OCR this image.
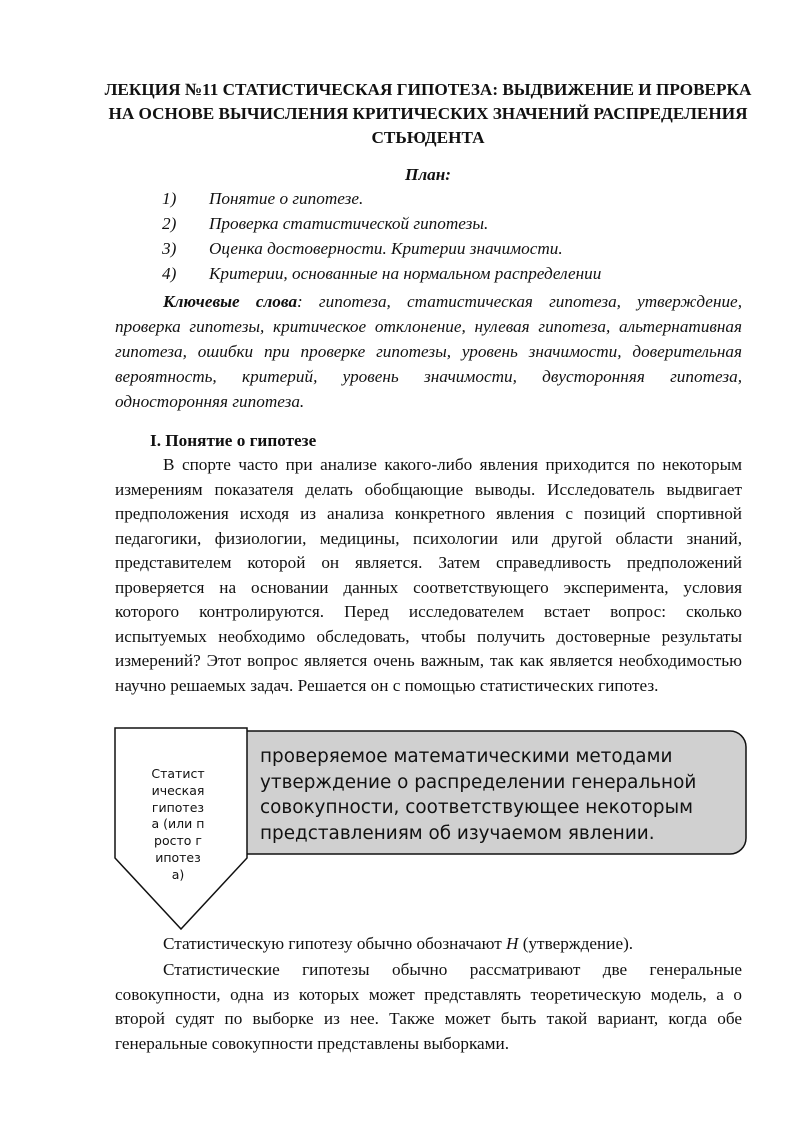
ЛЕКЦИЯ №11 СТАТИСТИЧЕСКАЯ ГИПОТЕЗА: ВЫДВИЖЕНИЕ И ПРОВЕРКА НА ОСНОВЕ ВЫЧИСЛЕНИЯ КРИТИЧЕСКИХ ЗНАЧЕНИЙ РАСПРЕДЕЛЕНИЯ СТЬЮДЕНТА
План:
1) Понятие о гипотезе.
2) Проверка статистической гипотезы.
3) Оценка достоверности. Критерии значимости.
4) Критерии, основанные на нормальном распределении
Ключевые слова: гипотеза, статистическая гипотеза, утверждение, проверка гипотезы, критическое отклонение, нулевая гипотеза, альтернативная гипотеза, ошибки при проверке гипотезы, уровень значимости, доверительная вероятность, критерий, уровень значимости, двусторонняя гипотеза, односторонняя гипотеза.
I. Понятие о гипотезе
В спорте часто при анализе какого-либо явления приходится по некоторым измерениям показателя делать обобщающие выводы. Исследователь выдвигает предположения исходя из анализа конкретного явления с позиций спортивной педагогики, физиологии, медицины, психологии или другой области знаний, представителем которой он является. Затем справедливость предположений проверяется на основании данных соответствующего эксперимента, условия которого контролируются. Перед исследователем встает вопрос: сколько испытуемых необходимо обследовать, чтобы получить достоверные результаты измерений? Этот вопрос является очень важным, так как является необходимостью научно решаемых задач. Решается он с помощью статистических гипотез.
Статистическая гипотеза (или просто гипотеза)
проверяемое математическими методами утверждение о распределении генеральной совокупности, соответствующее некоторым представлениям об изучаемом явлении.
Статистическую гипотезу обычно обозначают H (утверждение).
Статистические гипотезы обычно рассматривают две генеральные совокупности, одна из которых может представлять теоретическую модель, а о второй судят по выборке из нее. Также может быть такой вариант, когда обе генеральные совокупности представлены выборками.
